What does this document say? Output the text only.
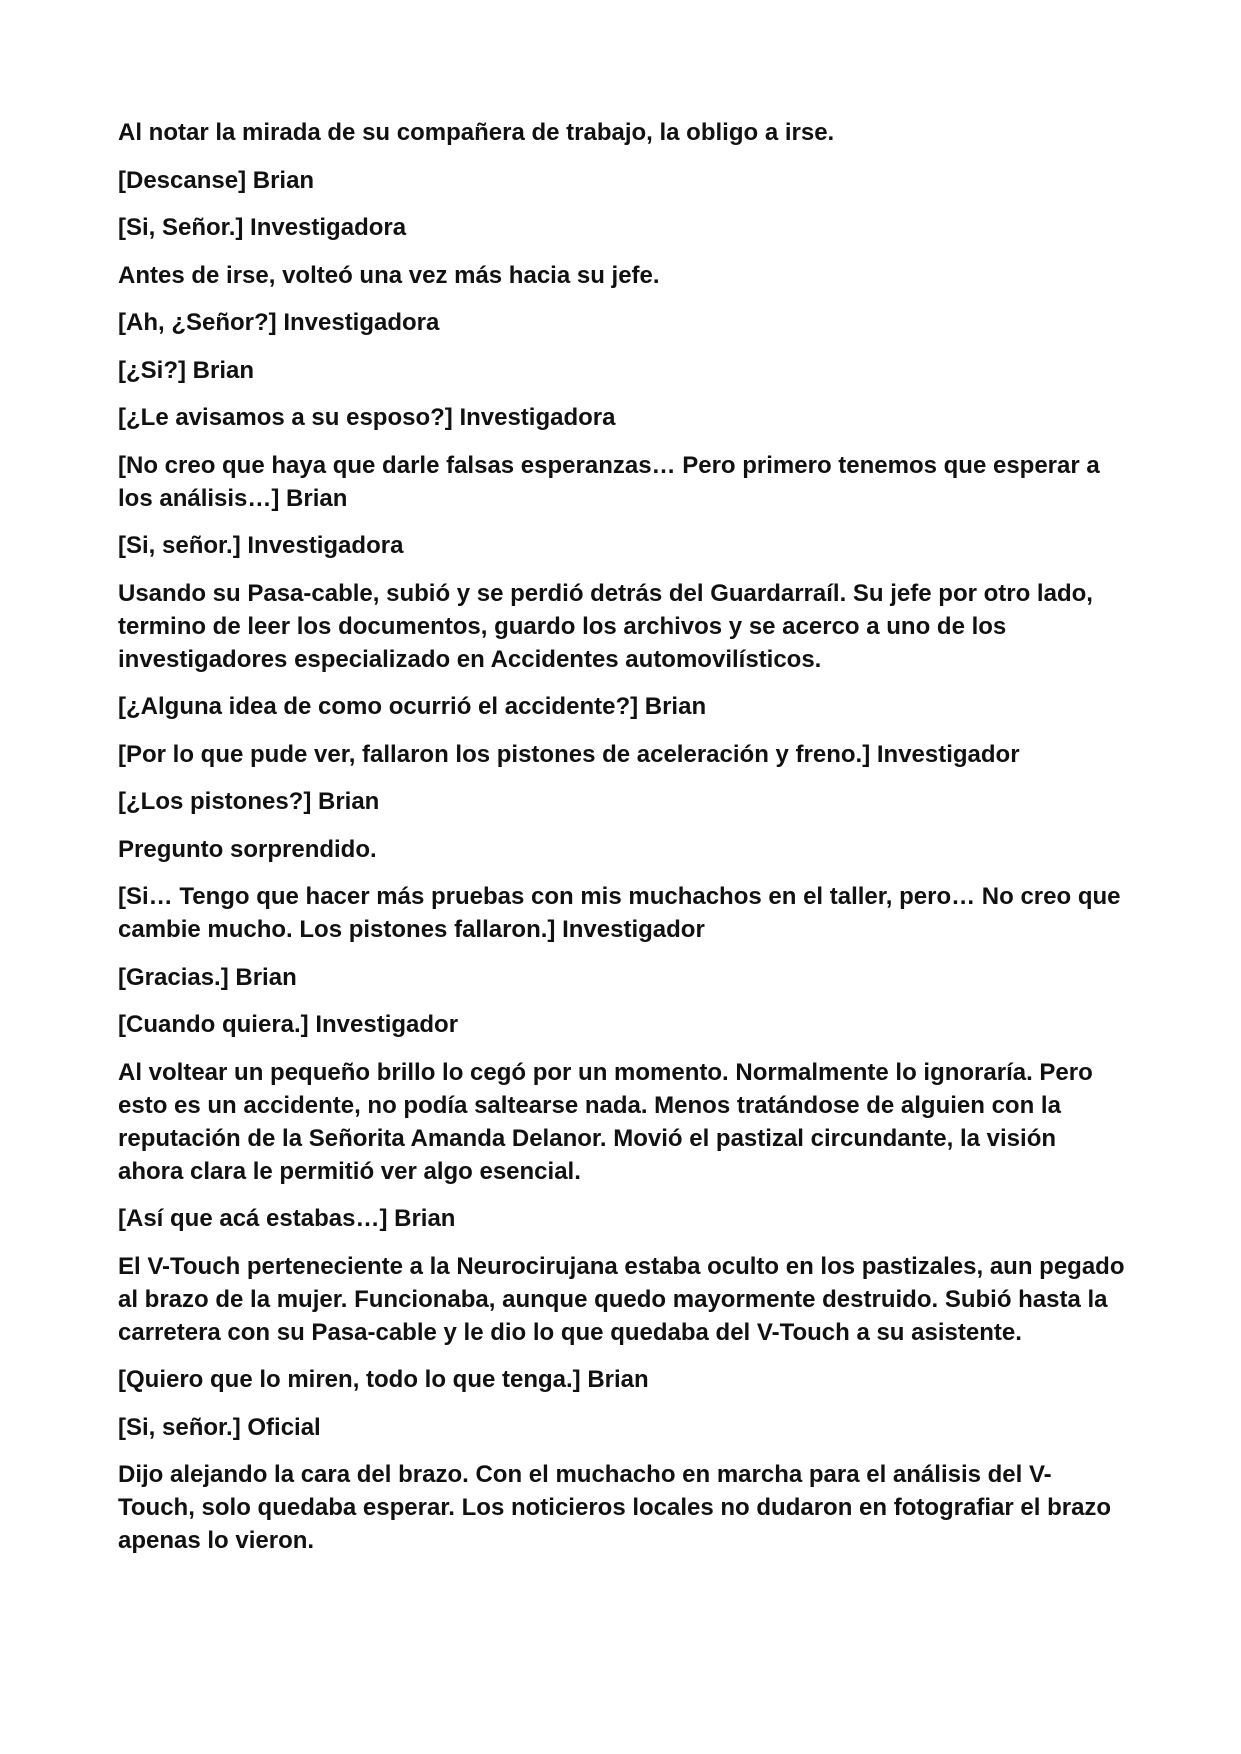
Al notar la mirada de su compañera de trabajo, la obligo a irse.

[Descanse] Brian

[Si, Señor.] Investigadora

Antes de irse, volteó una vez más hacia su jefe.

[Ah, ¿Señor?] Investigadora

[¿Si?] Brian

[¿Le avisamos a su esposo?] Investigadora

[No creo que haya que darle falsas esperanzas… Pero primero tenemos que esperar a los análisis…] Brian

[Si, señor.] Investigadora

Usando su Pasa-cable, subió y se perdió detrás del Guardarraíl. Su jefe por otro lado, termino de leer los documentos, guardo los archivos y se acerco a uno de los investigadores especializado en Accidentes automovilísticos.

[¿Alguna idea de como ocurrió el accidente?] Brian

[Por lo que pude ver, fallaron los pistones de aceleración y freno.] Investigador

[¿Los pistones?] Brian

Pregunto sorprendido.

[Si… Tengo que hacer más pruebas con mis muchachos en el taller, pero… No creo que cambie mucho. Los pistones fallaron.] Investigador

[Gracias.] Brian

[Cuando quiera.] Investigador

Al voltear un pequeño brillo lo cegó por un momento. Normalmente lo ignoraría. Pero esto es un accidente, no podía saltearse nada. Menos tratándose de alguien con la reputación de la Señorita Amanda Delanor. Movió el pastizal circundante, la visión ahora clara le permitió ver algo esencial.

[Así que acá estabas…] Brian

El V-Touch perteneciente a la Neurocirujana estaba oculto en los pastizales, aun pegado al brazo de la mujer. Funcionaba, aunque quedo mayormente destruido. Subió hasta la carretera con su Pasa-cable y le dio lo que quedaba del V-Touch a su asistente.

[Quiero que lo miren, todo lo que tenga.] Brian

[Si, señor.] Oficial

Dijo alejando la cara del brazo. Con el muchacho en marcha para el análisis del V-Touch, solo quedaba esperar. Los noticieros locales no dudaron en fotografiar el brazo apenas lo vieron.
